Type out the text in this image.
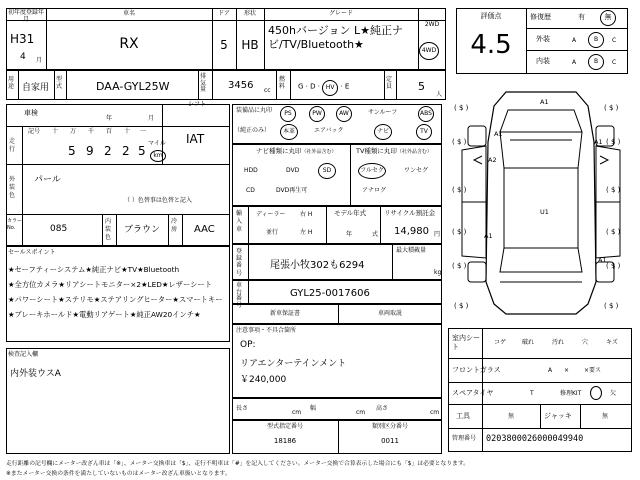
初年度登録年月
H31
4 月
車名
RX
ドア
5
形状
HB
グレード
450hバージョン L★純正ナビ/TV/Bluetooth★
2WD
4WD
用途 自家用
型式	DAA-GYL25W
排気量	3456 cc
燃料	G · D · HV · E
定員 5
人
評価点
4.5
修復歴	有	無
外装	A	B	C
内装	A	B	C
車検
年	月
シフト
IAT
走行
記号 十 万 千 百 十 一
5 9 2 2 5
マイル
km
外装色
パール
（ ）色替事は色替と記入
カラーNo.	085
内装色
ブラウン
冷房	AAC
セールスポイント
★セーフティーシステム★純正ナビ★TV★Bluetooth
★全方位カメラ★リアシートモニター×2★LED★レザーシート
★パワーシート★ステリモ★ステアリングヒーター★スマートキー
★ブレーキホールド★電動リアゲート★純正AW20インチ★
検査記入欄
内外装ウスA
装備品に丸印
（純正のみ）
PS	PW	AW	サンルーフ	ABS
本革	エアバック	ナビ	TV
ナビ種類に丸印（社外品含む）
HDD	DVD	SD
CD	DVD再生可
TV種類に丸印（社外品含む）
フルセグ	ワンセグ
アナログ
輸入車
ディーラー
並行
右 H
左 H
モデル年式
年	式
リサイクル預託金
14,980 円
登録番号
尾張小牧302も6294
最大積載量
kg
車台番号
GYL25-0017606
新車保証書	車両取説
注意事項・不具合箇所
OP:
リアエンターテインメント
￥240,000
長さ
cm
幅
cm
高さ
cm
型式指定番号
18186
類別区分番号
0011
( $ )	( $ )
( $ )	( $ )
( $ )	( $ )
( $ )	( $ )
( $ )	( $ )
( $ )	( $ )
A1
A1
A1
A2
A1
U1
A1
室内シート
コゲ	破れ	汚れ	穴	キズ
フロントガラス	A × ×要ス
スペアタイヤ	T	修理KIT	欠
工具	無	ジャッキ	無
管理番号 0203800026000049940
走行距離の記号欄にメーター改ざん車は「※」、メーター交換車は「$」、走行不明車は「#」を記入してください。メーター交換で合算表示した場合にも「$」は必要となります。
※またメーター交換の条件を満たしていないものはメーター改ざん車扱いとなります。
